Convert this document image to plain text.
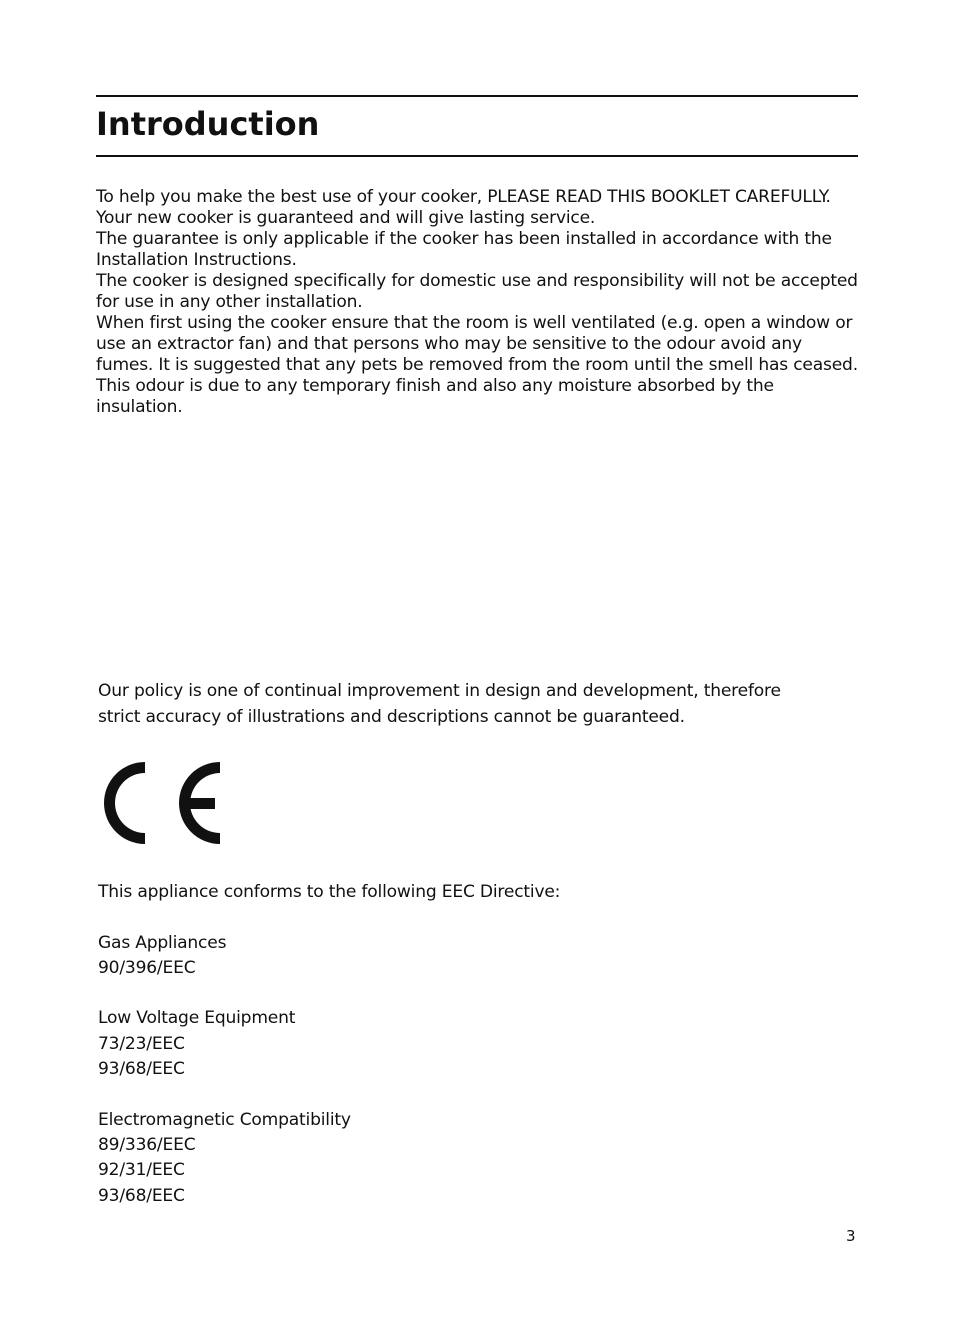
Introduction

To help you make the best use of your cooker, PLEASE READ THIS BOOKLET CAREFULLY.

Your new cooker is guaranteed and will give lasting service.

The guarantee is only applicable if the cooker has been installed in accordance with the Installation Instructions.

The cooker is designed specifically for domestic use and responsibility will not be accepted for use in any other installation.

When first using the cooker ensure that the room is well ventilated (e.g. open a window or use an extractor fan) and that persons who may be sensitive to the odour avoid any fumes. It is suggested that any pets be removed from the room until the smell has ceased. This odour is due to any temporary finish and also any moisture absorbed by the insulation.

Our policy is one of continual improvement in design and development, therefore strict accuracy of illustrations and descriptions cannot be guaranteed.

This appliance conforms to the following EEC Directive:

Gas Appliances

90/396/EEC

Low Voltage Equipment

73/23/EEC

93/68/EEC

Electromagnetic Compatibility

89/336/EEC

92/31/EEC

93/68/EEC

3
